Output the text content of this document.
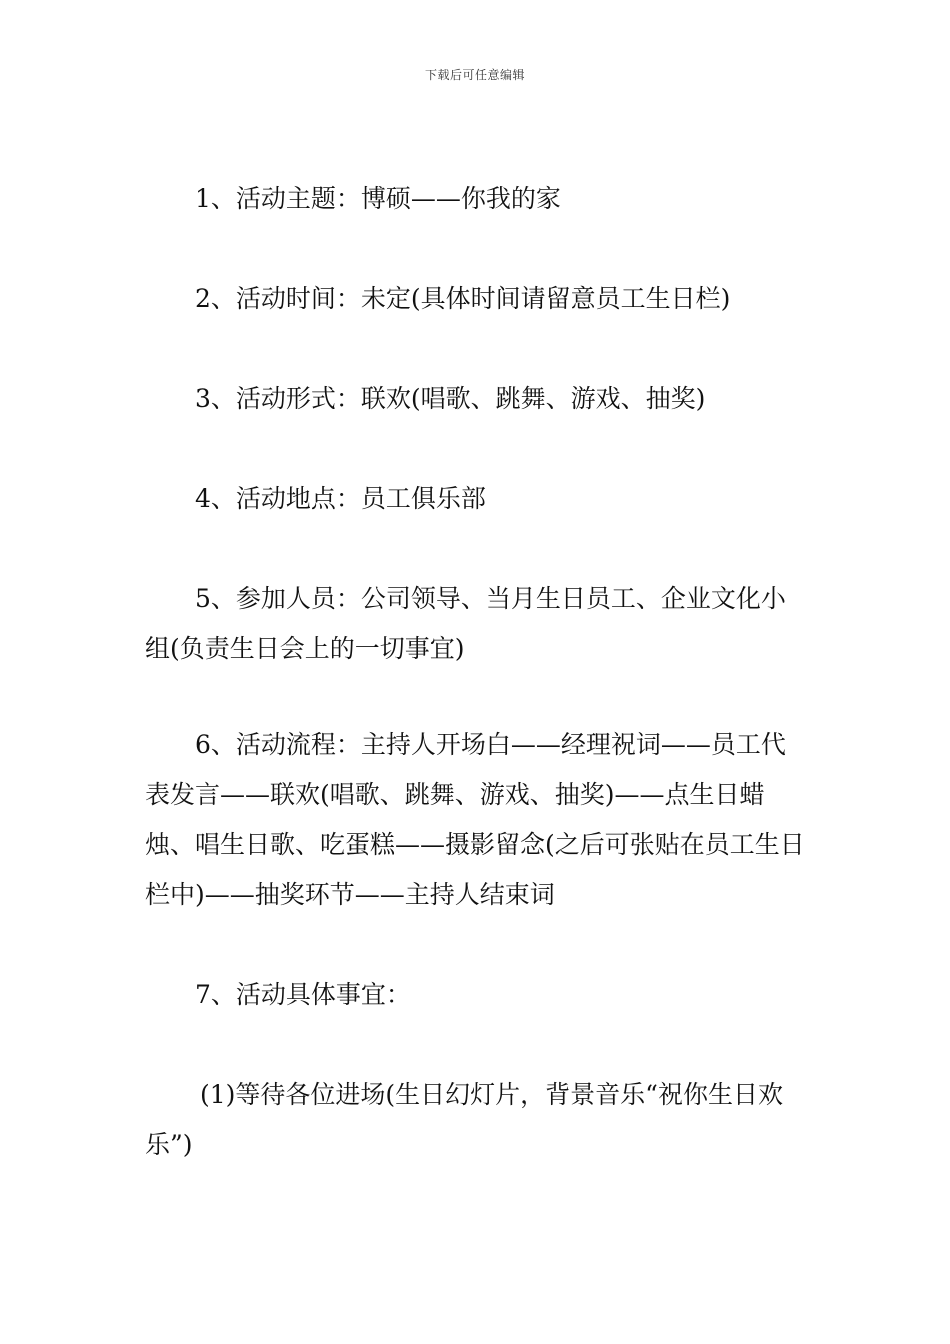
下载后可任意编辑

1、活动主题：博硕——你我的家

2、活动时间：未定(具体时间请留意员工生日栏)

3、活动形式：联欢(唱歌、跳舞、游戏、抽奖)

4、活动地点：员工俱乐部

5、参加人员：公司领导、当月生日员工、企业文化小组(负责生日会上的一切事宜)

6、活动流程：主持人开场白——经理祝词——员工代表发言——联欢(唱歌、跳舞、游戏、抽奖)——点生日蜡烛、唱生日歌、吃蛋糕——摄影留念(之后可张贴在员工生日栏中)——抽奖环节——主持人结束词

7、活动具体事宜：

(1)等待各位进场(生日幻灯片，背景音乐“祝你生日欢乐”)
